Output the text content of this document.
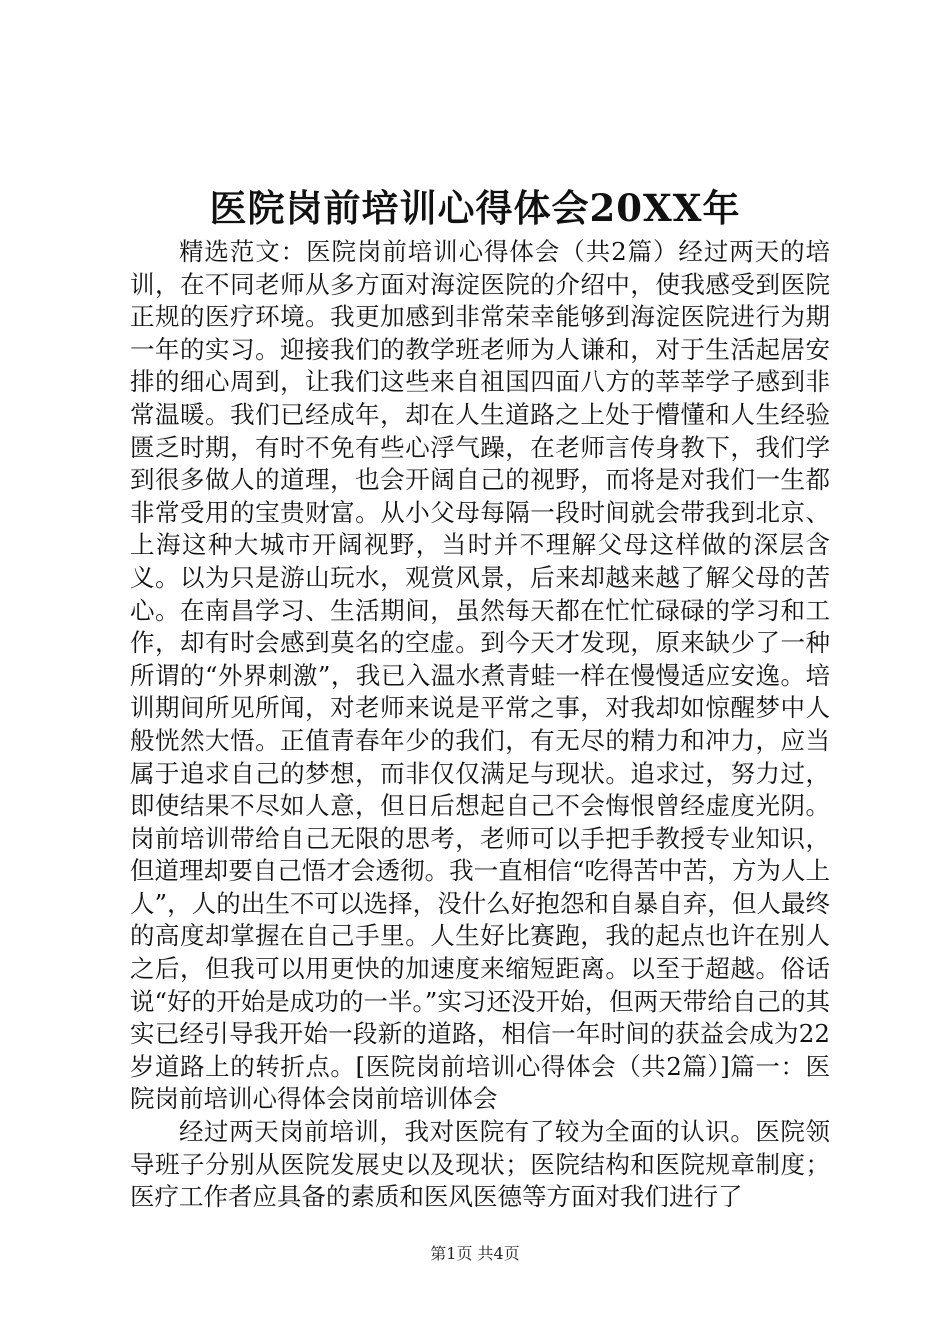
医院岗前培训心得体会20XX年

精选范文：医院岗前培训心得体会（共2篇）经过两天的培训，在不同老师从多方面对海淀医院的介绍中，使我感受到医院正规的医疗环境。我更加感到非常荣幸能够到海淀医院进行为期一年的实习。迎接我们的教学班老师为人谦和，对于生活起居安排的细心周到，让我们这些来自祖国四面八方的莘莘学子感到非常温暖。我们已经成年，却在人生道路之上处于懵懂和人生经验匮乏时期，有时不免有些心浮气躁，在老师言传身教下，我们学到很多做人的道理，也会开阔自己的视野，而将是对我们一生都非常受用的宝贵财富。从小父母每隔一段时间就会带我到北京、上海这种大城市开阔视野，当时并不理解父母这样做的深层含义。以为只是游山玩水，观赏风景，后来却越来越了解父母的苦心。在南昌学习、生活期间，虽然每天都在忙忙碌碌的学习和工作，却有时会感到莫名的空虚。到今天才发现，原来缺少了一种所谓的“外界刺激”，我已入温水煮青蛙一样在慢慢适应安逸。培训期间所见所闻，对老师来说是平常之事，对我却如惊醒梦中人般恍然大悟。正值青春年少的我们，有无尽的精力和冲力，应当属于追求自己的梦想，而非仅仅满足与现状。追求过，努力过，即使结果不尽如人意，但日后想起自己不会悔恨曾经虚度光阴。岗前培训带给自己无限的思考，老师可以手把手教授专业知识，但道理却要自己悟才会透彻。我一直相信“吃得苦中苦，方为人上人”，人的出生不可以选择，没什么好抱怨和自暴自弃，但人最终的高度却掌握在自己手里。人生好比赛跑，我的起点也许在别人之后，但我可以用更快的加速度来缩短距离。以至于超越。俗话说“好的开始是成功的一半。”实习还没开始，但两天带给自己的其实已经引导我开始一段新的道路，相信一年时间的获益会成为22岁道路上的转折点。[医院岗前培训心得体会（共2篇）]篇一：医院岗前培训心得体会岗前培训体会

经过两天岗前培训，我对医院有了较为全面的认识。医院领导班子分别从医院发展史以及现状；医院结构和医院规章制度；医疗工作者应具备的素质和医风医德等方面对我们进行了

第1页 共4页
